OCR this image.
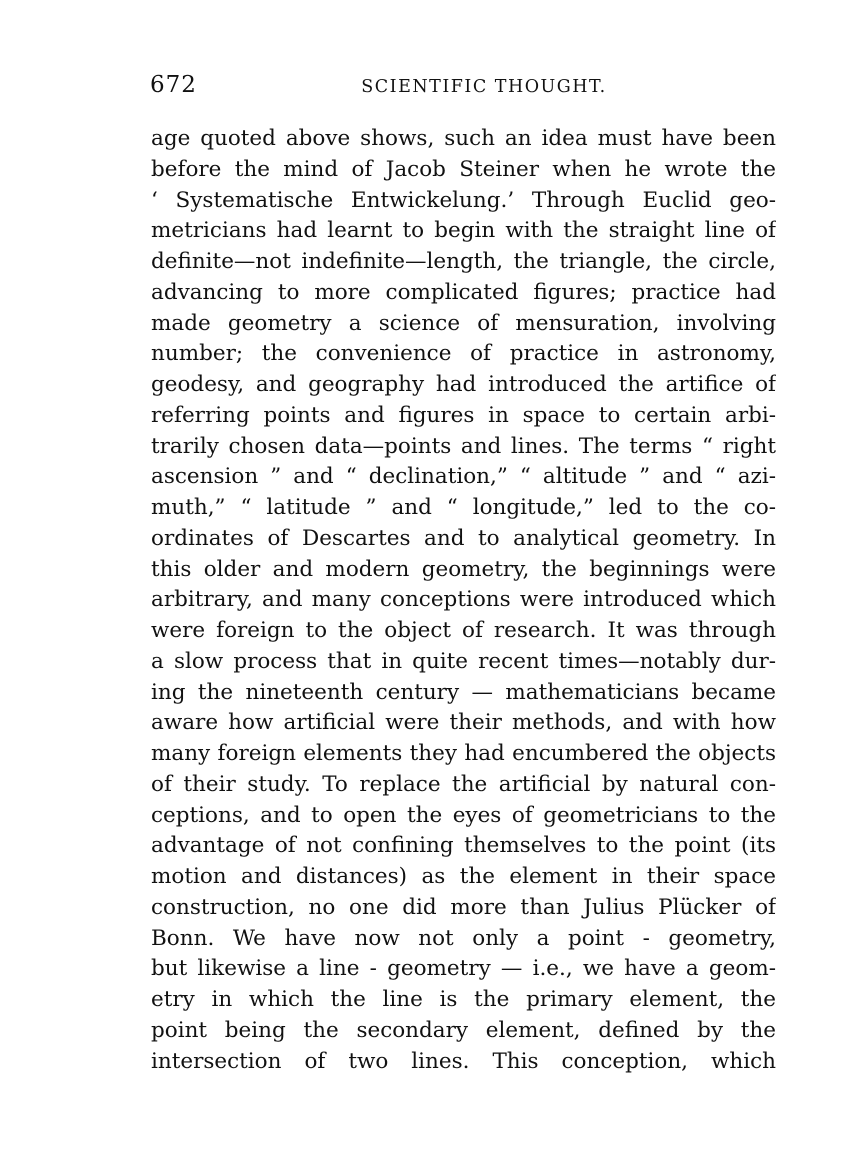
672	SCIENTIFIC THOUGHT.
age quoted above shows, such an idea must have been
before the mind of Jacob Steiner when he wrote the
‘ Systematische Entwickelung.’ Through Euclid geo-
metricians had learnt to begin with the straight line of
definite—not indefinite—length, the triangle, the circle,
advancing to more complicated figures; practice had
made geometry a science of mensuration, involving
number; the convenience of practice in astronomy,
geodesy, and geography had introduced the artifice of
referring points and figures in space to certain arbi-
trarily chosen data—points and lines. The terms “ right
ascension ” and “ declination,” “ altitude ” and “ azi-
muth,” “ latitude ” and “ longitude,” led to the co-
ordinates of Descartes and to analytical geometry. In
this older and modern geometry, the beginnings were
arbitrary, and many conceptions were introduced which
were foreign to the object of research. It was through
a slow process that in quite recent times—notably dur-
ing the nineteenth century — mathematicians became
aware how artificial were their methods, and with how
many foreign elements they had encumbered the objects
of their study. To replace the artificial by natural con-
ceptions, and to open the eyes of geometricians to the
advantage of not confining themselves to the point (its
motion and distances) as the element in their space
construction, no one did more than Julius Plücker of
Bonn. We have now not only a point - geometry,
but likewise a line - geometry — i.e., we have a geom-
etry in which the line is the primary element, the
point being the secondary element, defined by the
intersection of two lines. This conception, which
